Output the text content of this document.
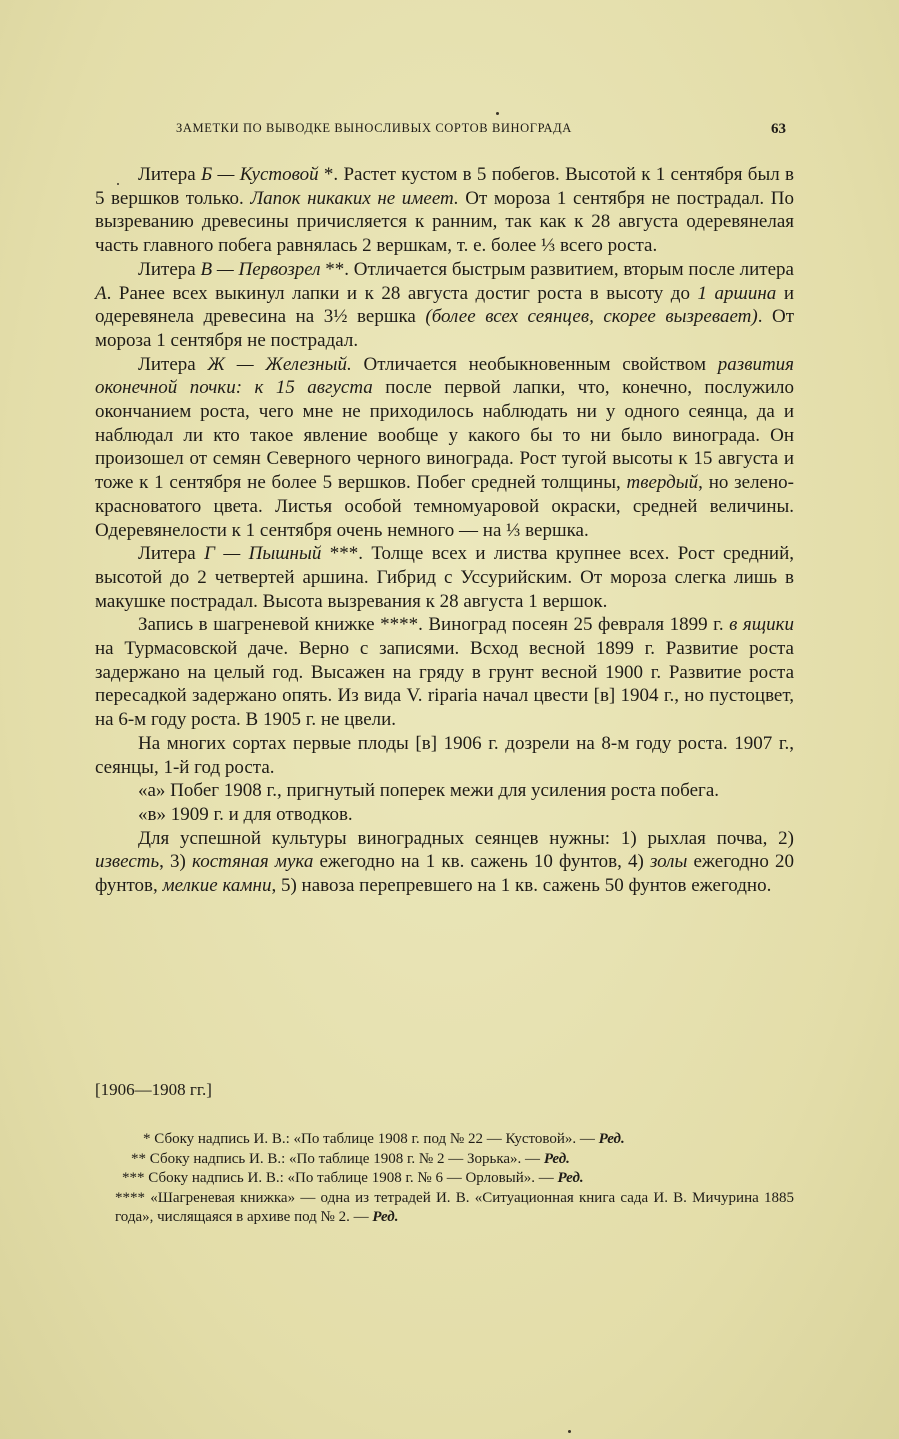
ЗАМЕТКИ ПО ВЫВОДКЕ ВЫНОСЛИВЫХ СОРТОВ ВИНОГРАДА	63

Литера Б — Кустовой *. Растет кустом в 5 побегов. Высотой к 1 сентября был в 5 вершков только. Лапок никаких не имеет. От мороза 1 сентября не пострадал. По вызреванию древесины причисляется к ранним, так как к 28 августа одеревянелая часть главного побега равнялась 2 вершкам, т. е. более ⅓ всего роста.

Литера В — Первозрел **. Отличается быстрым развитием, вторым после литера А. Ранее всех выкинул лапки и к 28 августа достиг роста в высоту до 1 аршина и одеревянела древесина на 3½ вершка (более всех сеянцев, скорее вызревает). От мороза 1 сентября не пострадал.

Литера Ж — Железный. Отличается необыкновенным свойством развития оконечной почки: к 15 августа после первой лапки, что, конечно, послужило окончанием роста, чего мне не приходилось наблюдать ни у одного сеянца, да и наблюдал ли кто такое явление вообще у какого бы то ни было винограда. Он произошел от семян Северного черного винограда. Рост тугой высоты к 15 августа и тоже к 1 сентября не более 5 вершков. Побег средней толщины, твердый, но зелено-красноватого цвета. Листья особой темномуаровой окраски, средней величины. Одеревянелости к 1 сентября очень немного — на ⅓ вершка.

Литера Г — Пышный ***. Толще всех и листва крупнее всех. Рост средний, высотой до 2 четвертей аршина. Гибрид с Уссурийским. От мороза слегка лишь в макушке пострадал. Высота вызревания к 28 августа 1 вершок.

Запись в шагреневой книжке ****. Виноград посеян 25 февраля 1899 г. в ящики на Турмасовской даче. Верно с записями. Всход весной 1899 г. Развитие роста задержано на целый год. Высажен на гряду в грунт весной 1900 г. Развитие роста пересадкой задержано опять. Из вида V. riparia начал цвести [в] 1904 г., но пустоцвет, на 6-м году роста. В 1905 г. не цвели.

На многих сортах первые плоды [в] 1906 г. дозрели на 8-м году роста. 1907 г., сеянцы, 1-й год роста.

«а» Побег 1908 г., пригнутый поперек межи для усиления роста побега.

«в» 1909 г. и для отводков.

Для успешной культуры виноградных сеянцев нужны: 1) рыхлая почва, 2) известь, 3) костяная мука ежегодно на 1 кв. сажень 10 фунтов, 4) золы ежегодно 20 фунтов, мелкие камни, 5) навоза перепревшего на 1 кв. сажень 50 фунтов ежегодно.

[1906—1908 гг.]

* Сбоку надпись И. В.: «По таблице 1908 г. под № 22 — Кустовой». — Ред.

** Сбоку надпись И. В.: «По таблице 1908 г. № 2 — Зорька». — Ред.

*** Сбоку надпись И. В.: «По таблице 1908 г. № 6 — Орловый». — Ред.

**** «Шагреневая книжка» — одна из тетрадей И. В. «Ситуационная книга сада И. В. Мичурина 1885 года», числящаяся в архиве под № 2. — Ред.
